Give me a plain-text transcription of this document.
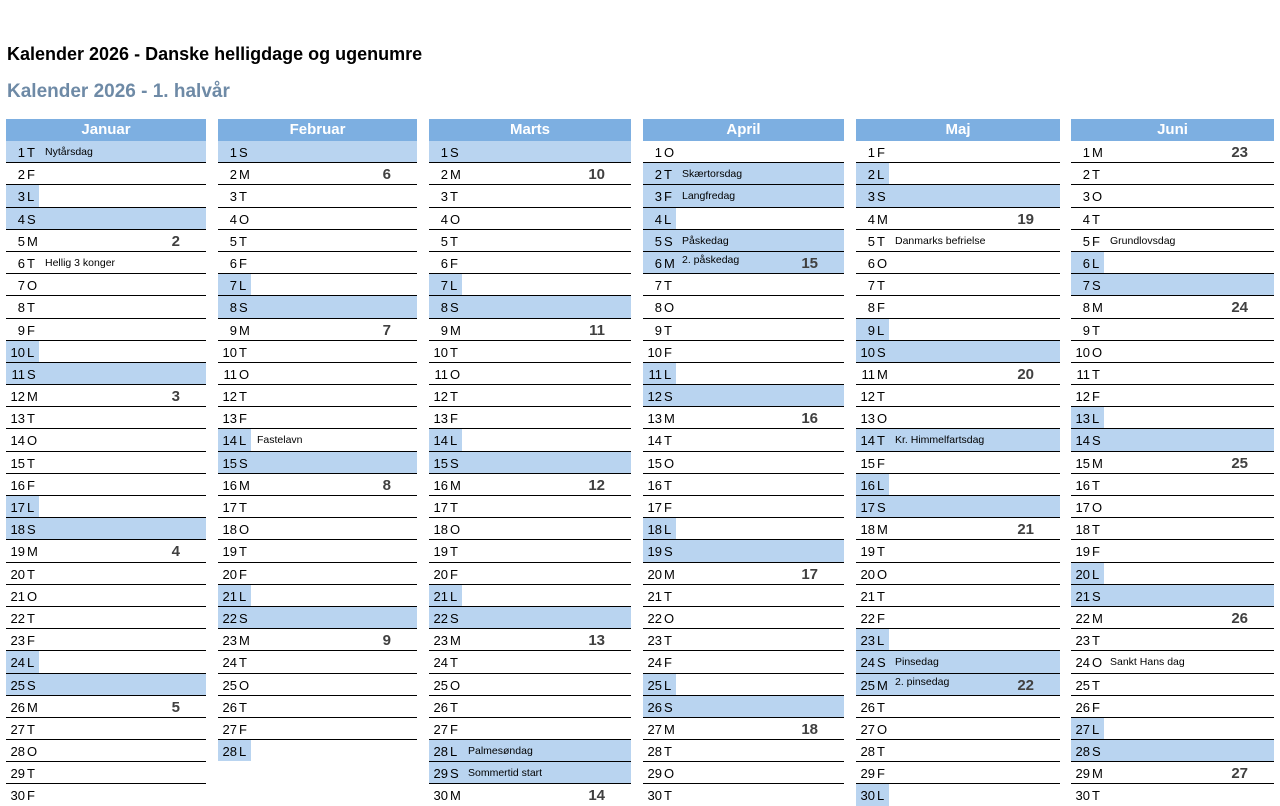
Kalender 2026 - Danske helligdage og ugenumre
Kalender 2026 - 1. halvår
Januar
1 T Nytårsdag
2 F
3 L
4 S
5 M	2
6 T Hellig 3 konger
7 O
8 T
9 F
10 L
11 S
12 M	3
13 T
14 O
15 T
16 F
17 L
18 S
19 M	4
20 T
21 O
22 T
23 F
24 L
25 S
26 M	5
27 T
28 O
29 T
30 F
Februar
1 S
2 M	6
3 T
4 O
5 T
6 F
7 L
8 S
9 M	7
10 T
11 O
12 T
13 F
14 L Fastelavn
15 S
16 M	8
17 T
18 O
19 T
20 F
21 L
22 S
23 M	9
24 T
25 O
26 T
27 F
28 L
Marts
1 S
2 M	10
3 T
4 O
5 T
6 F
7 L
8 S
9 M	11
10 T
11 O
12 T
13 F
14 L
15 S
16 M	12
17 T
18 O
19 T
20 F
21 L
22 S
23 M	13
24 T
25 O
26 T
27 F
28 L Palmesøndag
29 S Sommertid start
30 M	14
April
1 O
2 T Skærtorsdag
3 F Langfredag
4 L
5 S Påskedag
6 M 2. påskedag	15
7 T
8 O
9 T
10 F
11 L
12 S
13 M	16
14 T
15 O
16 T
17 F
18 L
19 S
20 M	17
21 T
22 O
23 T
24 F
25 L
26 S
27 M	18
28 T
29 O
30 T
Maj
1 F
2 L
3 S
4 M	19
5 T Danmarks befrielse
6 O
7 T
8 F
9 L
10 S
11 M	20
12 T
13 O
14 T Kr. Himmelfartsdag
15 F
16 L
17 S
18 M	21
19 T
20 O
21 T
22 F
23 L
24 S Pinsedag
25 M 2. pinsedag	22
26 T
27 O
28 T
29 F
30 L
Juni
1 M	23
2 T
3 O
4 T
5 F Grundlovsdag
6 L
7 S
8 M	24
9 T
10 O
11 T
12 F
13 L
14 S
15 M	25
16 T
17 O
18 T
19 F
20 L
21 S
22 M	26
23 T
24 O Sankt Hans dag
25 T
26 F
27 L
28 S
29 M	27
30 T
